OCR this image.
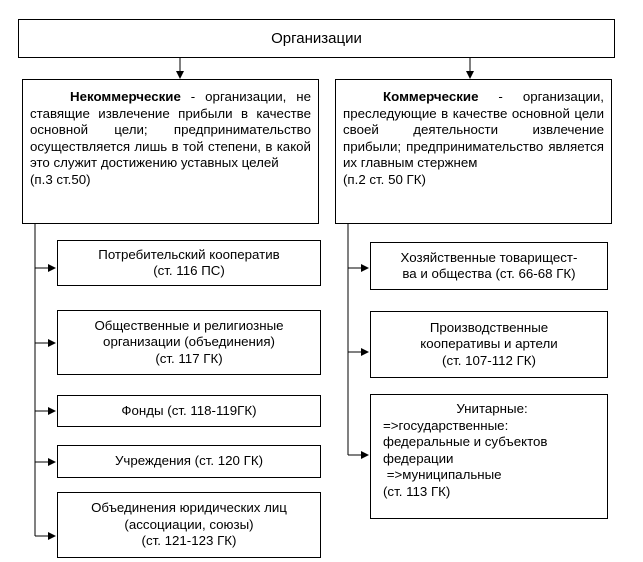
Организации
Некоммерческие - организации, не ставящие извлечение прибыли в качестве основной цели; предпринимательство осуществляется лишь в той степени, в какой это служит достижению уставных целей
(п.3 ст.50)
Коммерческие - организации, преследующие в качестве основной цели своей деятельности извлечение прибыли; предпринимательство является их главным стержнем
(п.2 ст. 50 ГК)
Потребительский кооператив
(ст. 116 ПС)
Общественные и религиозные
организации (объединения)
(ст. 117 ГК)
Фонды (ст. 118-119ГК)
Учреждения (ст. 120 ГК)
Объединения юридических лиц
(ассоциации, союзы)
(ст. 121-123 ГК)
Хозяйственные товарищест-
ва и общества (ст. 66-68 ГК)
Производственные
кооперативы и артели
(ст. 107-112 ГК)
Унитарные:
=>государственные:
федеральные и субъектов
федерации
=>муниципальные
(ст. 113 ГК)
